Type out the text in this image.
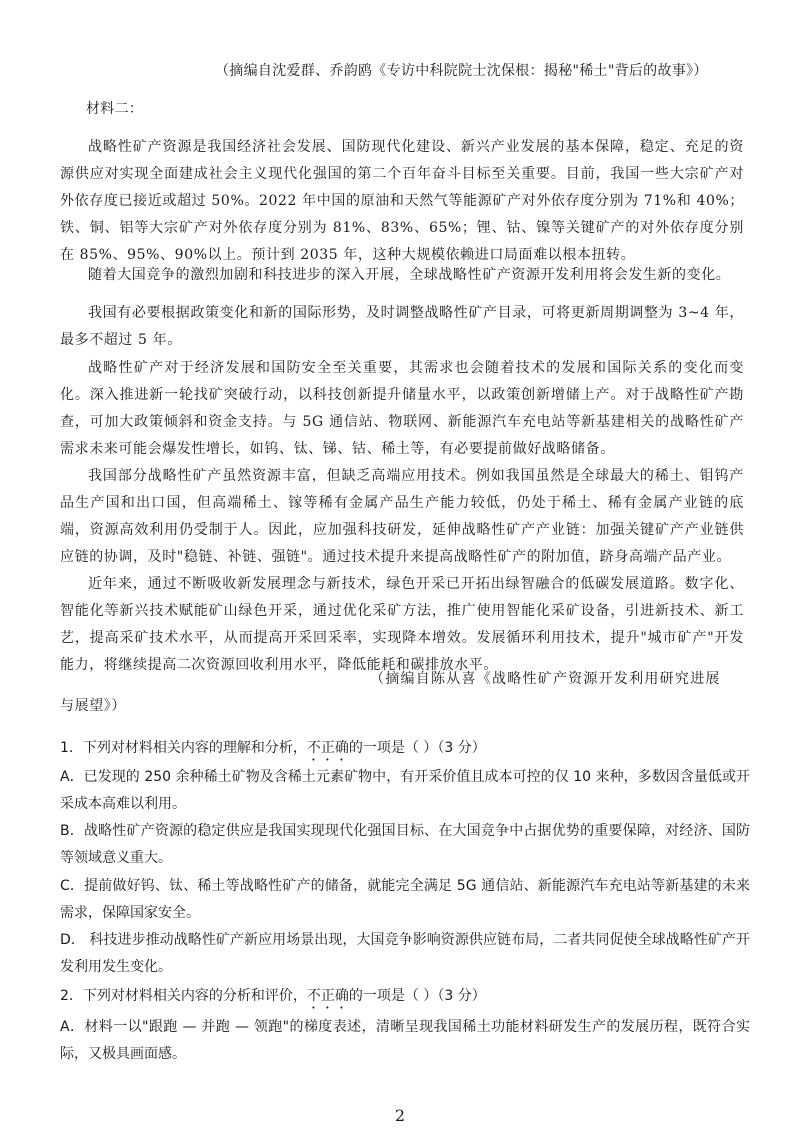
（摘编自沈爱群、乔韵鸥《专访中科院院士沈保根：揭秘"稀土"背后的故事》）
材料二：
战略性矿产资源是我国经济社会发展、国防现代化建设、新兴产业发展的基本保障，稳定、充足的资源供应对实现全面建成社会主义现代化强国的第二个百年奋斗目标至关重要。目前，我国一些大宗矿产对外依存度已接近或超过 50%。2022 年中国的原油和天然气等能源矿产对外依存度分别为 71%和 40%；铁、铜、铝等大宗矿产对外依存度分别为 81%、83%、65%；锂、钴、镍等关键矿产的对外依存度分别在 85%、95%、90%以上。预计到 2035 年，这种大规模依赖进口局面难以根本扭转。
随着大国竞争的激烈加剧和科技进步的深入开展，全球战略性矿产资源开发利用将会发生新的变化。
我国有必要根据政策变化和新的国际形势，及时调整战略性矿产目录，可将更新周期调整为 3~4 年，最多不超过 5 年。
战略性矿产对于经济发展和国防安全至关重要，其需求也会随着技术的发展和国际关系的变化而变化。深入推进新一轮找矿突破行动，以科技创新提升储量水平，以政策创新增储上产。对于战略性矿产勘查，可加大政策倾斜和资金支持。与 5G 通信站、物联网、新能源汽车充电站等新基建相关的战略性矿产需求未来可能会爆发性增长，如钨、钛、锑、钴、稀土等，有必要提前做好战略储备。
我国部分战略性矿产虽然资源丰富，但缺乏高端应用技术。例如我国虽然是全球最大的稀土、钼钨产品生产国和出口国，但高端稀土、镓等稀有金属产品生产能力较低，仍处于稀土、稀有金属产业链的底端，资源高效利用仍受制于人。因此，应加强科技研发，延伸战略性矿产产业链：加强关键矿产产业链供应链的协调，及时"稳链、补链、强链"。通过技术提升来提高战略性矿产的附加值，跻身高端产品产业。
近年来，通过不断吸收新发展理念与新技术，绿色开采已开拓出绿智融合的低碳发展道路。数字化、智能化等新兴技术赋能矿山绿色开采，通过优化采矿方法，推广使用智能化采矿设备，引进新技术、新工艺，提高采矿技术水平，从而提高开采回采率，实现降本增效。发展循环利用技术，提升"城市矿产"开发能力，将继续提高二次资源回收利用水平，降低能耗和碳排放水平。
（摘编自陈从喜《战略性矿产资源开发利用研究进展与展望》）
1．下列对材料相关内容的理解和分析，不正确的一项是（ ）（3 分）
A．已发现的 250 余种稀土矿物及含稀土元素矿物中，有开采价值且成本可控的仅 10 来种，多数因含量低或开采成本高难以利用。
B．战略性矿产资源的稳定供应是我国实现现代化强国目标、在大国竞争中占据优势的重要保障，对经济、国防等领域意义重大。
C．提前做好钨、钛、稀土等战略性矿产的储备，就能完全满足 5G 通信站、新能源汽车充电站等新基建的未来需求，保障国家安全。
D． 科技进步推动战略性矿产新应用场景出现，大国竞争影响资源供应链布局，二者共同促使全球战略性矿产开发利用发生变化。
2．下列对材料相关内容的分析和评价，不正确的一项是（ ）（3 分）
A．材料一以"跟跑 — 并跑 — 领跑"的梯度表述，清晰呈现我国稀土功能材料研发生产的发展历程，既符合实际，又极具画面感。
2
